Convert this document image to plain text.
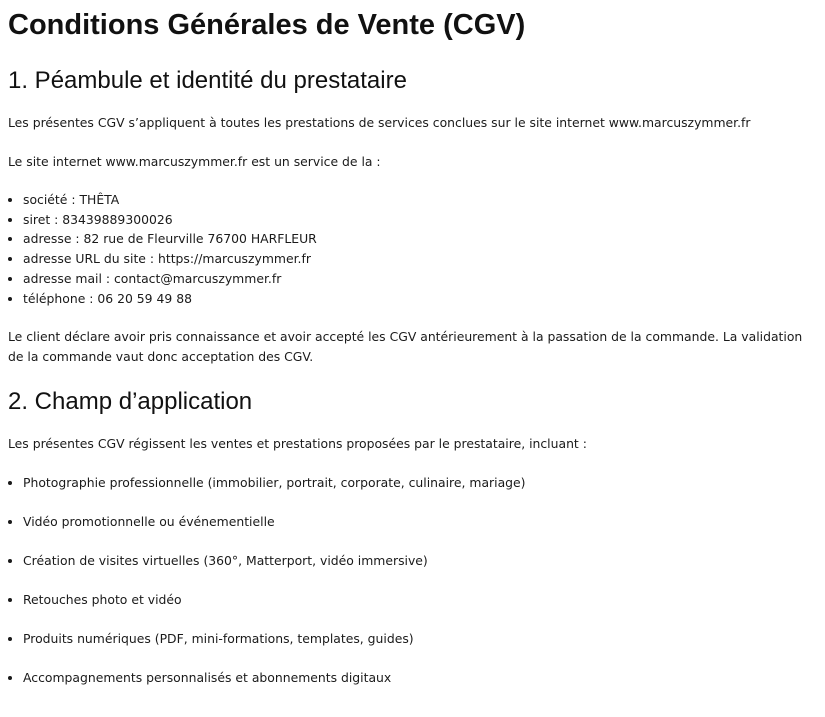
Conditions Générales de Vente (CGV)
1. Péambule et identité du prestataire

Les présentes CGV s’appliquent à toutes les prestations de services conclues sur le site internet www.marcuszymmer.fr

Le site internet www.marcuszymmer.fr est un service de la :

• société : THÊTA
• siret : 83439889300026
• adresse : 82 rue de Fleurville 76700 HARFLEUR
• adresse URL du site : https://marcuszymmer.fr
• adresse mail : contact@marcuszymmer.fr
• téléphone : 06 20 59 49 88

Le client déclare avoir pris connaissance et avoir accepté les CGV antérieurement à la passation de la commande. La validation de la commande vaut donc acceptation des CGV.

2. Champ d’application

Les présentes CGV régissent les ventes et prestations proposées par le prestataire, incluant :

• Photographie professionnelle (immobilier, portrait, corporate, culinaire, mariage)
• Vidéo promotionnelle ou événementielle
• Création de visites virtuelles (360°, Matterport, vidéo immersive)
• Retouches photo et vidéo
• Produits numériques (PDF, mini-formations, templates, guides)
• Accompagnements personnalisés et abonnements digitaux
